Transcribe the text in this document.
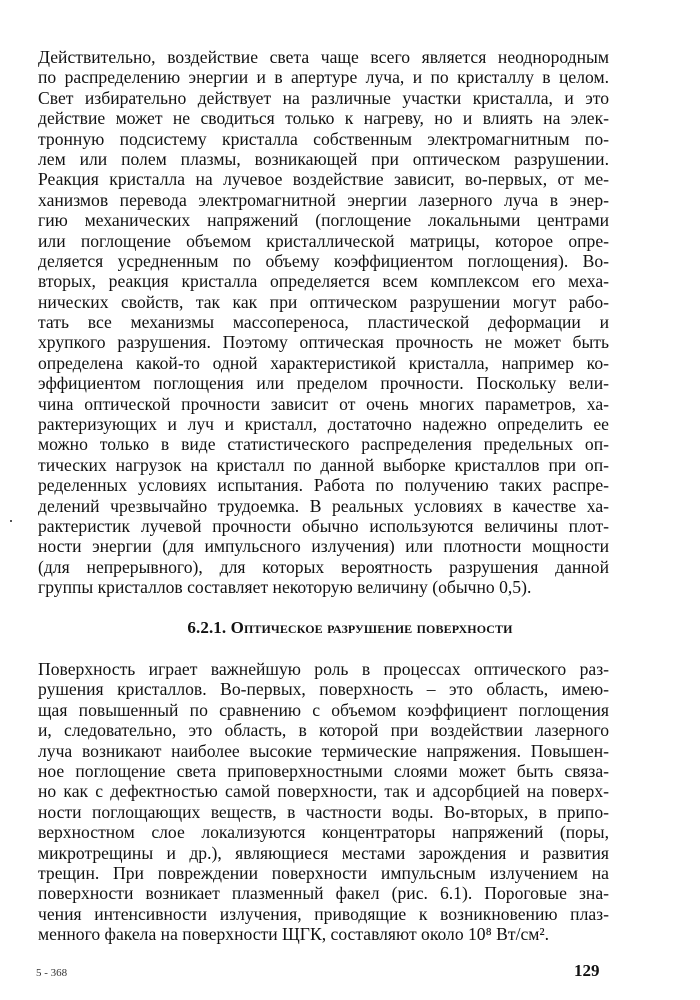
Действительно, воздействие света чаще всего является неоднородным
по распределению энергии и в апертуре луча, и по кристаллу в целом.
Свет избирательно действует на различные участки кристалла, и это
действие может не сводиться только к нагреву, но и влиять на элек-
тронную подсистему кристалла собственным электромагнитным по-
лем или полем плазмы, возникающей при оптическом разрушении.
Реакция кристалла на лучевое воздействие зависит, во-первых, от ме-
ханизмов перевода электромагнитной энергии лазерного луча в энер-
гию механических напряжений (поглощение локальными центрами
или поглощение объемом кристаллической матрицы, которое опре-
деляется усредненным по объему коэффициентом поглощения). Во-
вторых, реакция кристалла определяется всем комплексом его меха-
нических свойств, так как при оптическом разрушении могут рабо-
тать все механизмы массопереноса, пластической деформации и
хрупкого разрушения. Поэтому оптическая прочность не может быть
определена какой-то одной характеристикой кристалла, например ко-
эффициентом поглощения или пределом прочности. Поскольку вели-
чина оптической прочности зависит от очень многих параметров, ха-
рактеризующих и луч и кристалл, достаточно надежно определить ее
можно только в виде статистического распределения предельных оп-
тических нагрузок на кристалл по данной выборке кристаллов при оп-
ределенных условиях испытания. Работа по получению таких распре-
делений чрезвычайно трудоемка. В реальных условиях в качестве ха-
рактеристик лучевой прочности обычно используются величины плот-
ности энергии (для импульсного излучения) или плотности мощности
(для непрерывного), для которых вероятность разрушения данной
группы кристаллов составляет некоторую величину (обычно 0,5).
6.2.1. Оптическое разрушение поверхности
Поверхность играет важнейшую роль в процессах оптического раз-
рушения кристаллов. Во-первых, поверхность – это область, имею-
щая повышенный по сравнению с объемом коэффициент поглощения
и, следовательно, это область, в которой при воздействии лазерного
луча возникают наиболее высокие термические напряжения. Повышен-
ное поглощение света приповерхностными слоями может быть связа-
но как с дефектностью самой поверхности, так и адсорбцией на поверх-
ности поглощающих веществ, в частности воды. Во-вторых, в припо-
верхностном слое локализуются концентраторы напряжений (поры,
микротрещины и др.), являющиеся местами зарождения и развития
трещин. При повреждении поверхности импульсным излучением на
поверхности возникает плазменный факел (рис. 6.1). Пороговые зна-
чения интенсивности излучения, приводящие к возникновению плаз-
менного факела на поверхности ЩГК, составляют около 10⁸ Вт/см².
5 - 368	129
